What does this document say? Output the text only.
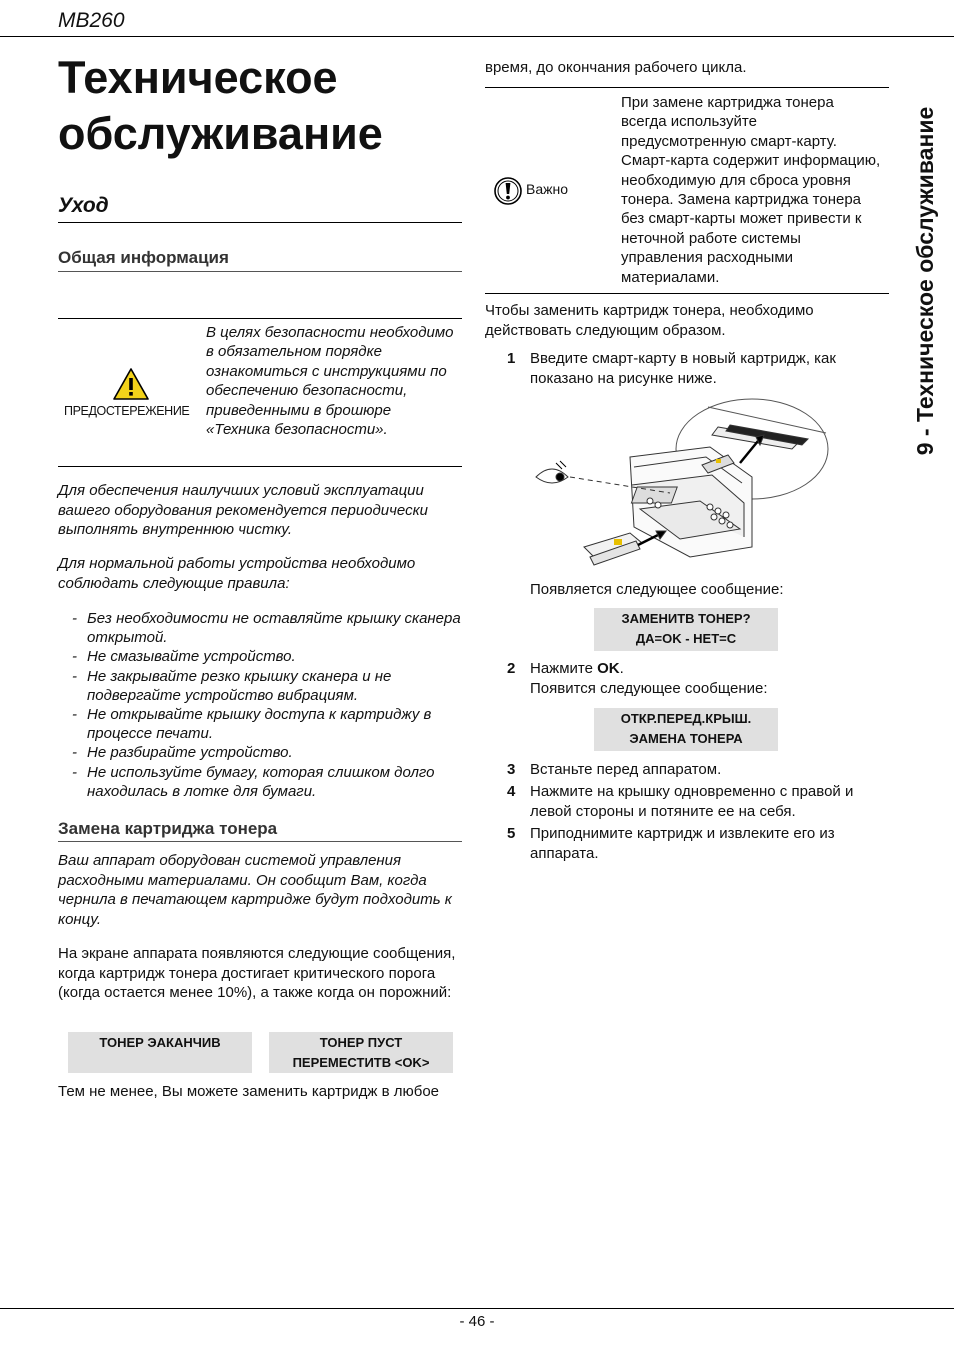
MB260
9 - Техническое обслуживание
Техническое обслуживание
Уход
Общая информация
ПРЕДОСТЕРЕЖЕНИЕ
В целях безопасности необходимо в обязательном порядке ознакомиться с инструкциями по обеспечению безопасности, приведенными в брошюре «Техника безопасности».

Для обеспечения наилучших условий эксплуатации вашего оборудования рекомендуется периодически выполнять внутреннюю чистку.

Для нормальной работы устройства необходимо соблюдать следующие правила:

- Без необходимости не оставляйте крышку сканера открытой.
- Не смазывайте устройство.
- Не закрывайте резко крышку сканера и не подвергайте устройство вибрациям.
- Не открывайте крышку доступа к картриджу в процессе печати.
- Не разбирайте устройство.
- Не используйте бумагу, которая слишком долго находилась в лотке для бумаги.
Замена картриджа тонера

Ваш аппарат оборудован системой управления расходными материалами. Он сообщит Вам, когда чернила в печатающем картридже будут подходить к концу.

На экране аппарата появляются следующие сообщения, когда картридж тонера достигает критического порога (когда остается менее 10%), а также когда он порожний:

ТОНЕР ЭАКАНЧИВ	ТОНЕР ПУСТ
ПЕРЕМЕСТИТВ <OK>

Тем не менее, Вы можете заменить картридж в любое

время, до окончания рабочего цикла.

Важно
При замене картриджа тонера всегда используйте предусмотренную смарт-карту. Смарт-карта содержит информацию, необходимую для сброса уровня тонера. Замена картриджа тонера без смарт-карты может привести к неточной работе системы управления расходными материалами.

Чтобы заменить картридж тонера, необходимо действовать следующим образом.

1 Введите смарт-карту в новый картридж, как показано на рисунке ниже.

Появляется следующее сообщение:

ЗАМЕНИТВ ТОНЕР?
ДА=OK - НЕТ=C
2 Нажмите OK.
Появится следующее сообщение:
ОТКР.ПЕРЕД.КРЫШ.
ЭАМЕНА ТОНЕРА
3 Встаньте перед аппаратом.
4 Нажмите на крышку одновременно с правой и левой стороны и потяните ее на себя.
5 Приподнимите картридж и извлеките его из аппарата.
- 46 -
